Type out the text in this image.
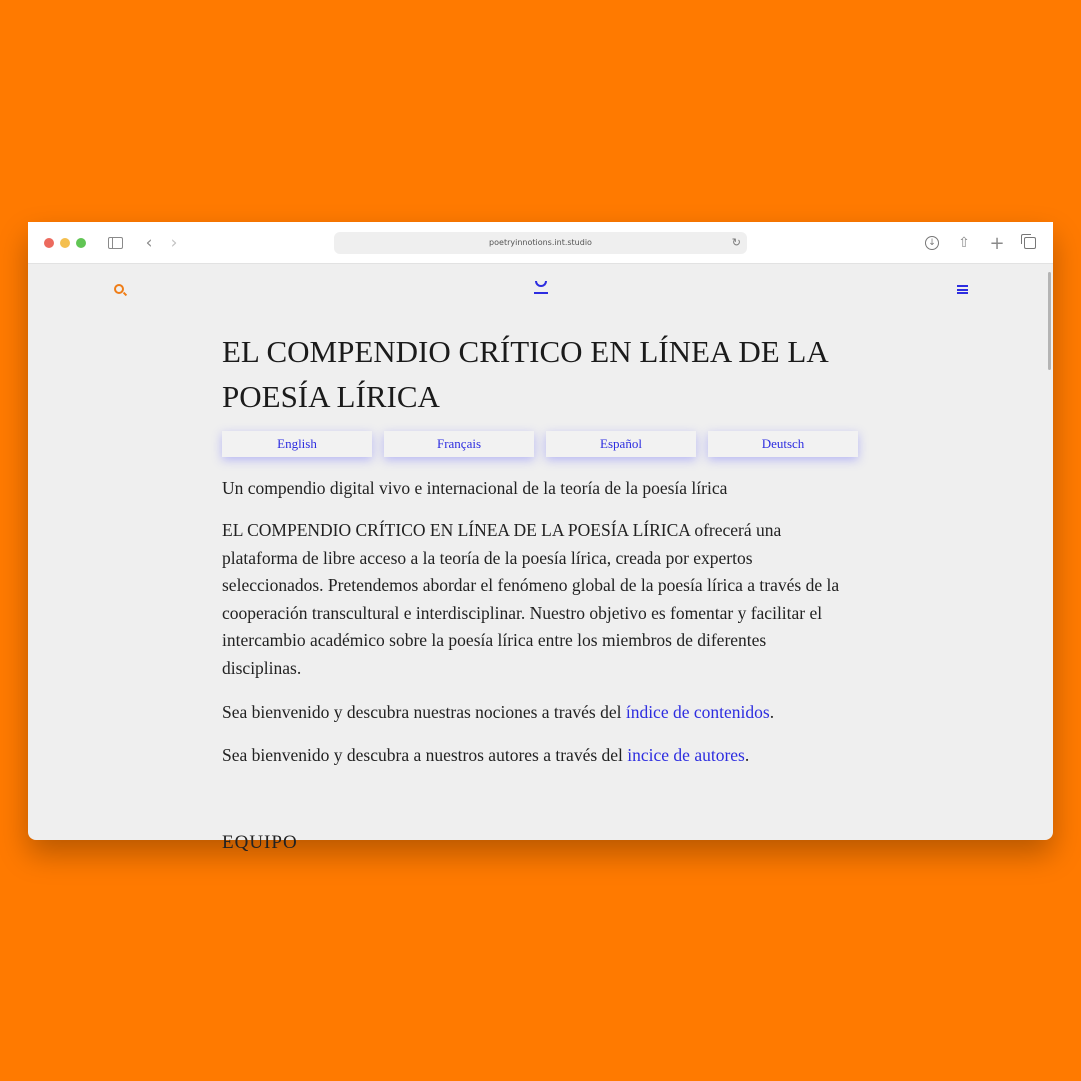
‹ ›	poetryinnotions.int.studio	↻	↓ ⇧ +
EL COMPENDIO CRÍTICO EN LÍNEA DE LA POESÍA LÍRICA
English	Français	Español	Deutsch
Un compendio digital vivo e internacional de la teoría de la poesía lírica
EL COMPENDIO CRÍTICO EN LÍNEA DE LA POESÍA LÍRICA ofrecerá una plataforma de libre acceso a la teoría de la poesía lírica, creada por expertos seleccionados. Pretendemos abordar el fenómeno global de la poesía lírica a través de la cooperación transcultural e interdisciplinar. Nuestro objetivo es fomentar y facilitar el intercambio académico sobre la poesía lírica entre los miembros de diferentes disciplinas.
Sea bienvenido y descubra nuestras nociones a través del índice de contenidos.
Sea bienvenido y descubra a nuestros autores a través del incice de autores.
EQUIPO
